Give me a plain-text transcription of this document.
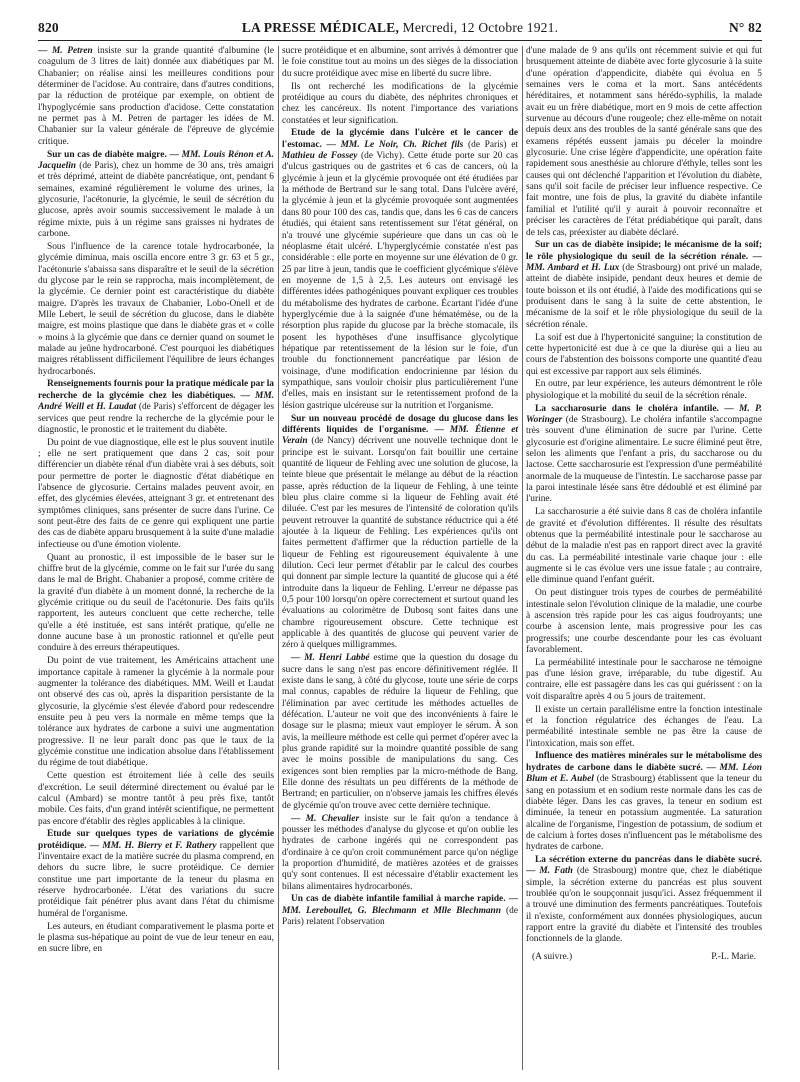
820	LA PRESSE MÉDICALE, Mercredi, 12 Octobre 1921.	N° 82

— M. Petren insiste sur la grande quantité d'albumine (le coagulum de 3 litres de lait) donnée aux diabétiques par M. Chabanier; on réalise ainsi les meilleures conditions pour déterminer de l'acidose. Au contraire, dans d'autres conditions, par la réduction de protéique par exemple, on obtient de l'hypoglycémie sans production d'acidose. Cette constatation ne permet pas à M. Petren de partager les idées de M. Chabanier sur la valeur générale de l'épreuve de glycémie critique.

Sur un cas de diabète maigre. — MM. Louis Rénon et A. Jacquelin (de Paris), chez un homme de 30 ans, très amaigri et très déprimé, atteint de diabète pancréatique, ont, pendant 6 semaines, examiné régulièrement le volume des urines, la glycosurie, l'acétonurie, la glycémie, le seuil de sécrétion du glucose, après avoir soumis successivement le malade à un régime mixte, puis à un régime sans graisses ni hydrates de carbone.

Sous l'influence de la carence totale hydrocarbonée, la glycémie diminua, mais oscilla encore entre 3 gr. 63 et 5 gr., l'acétonurie s'abaissa sans disparaître et le seuil de la sécrétion du glycose par le rein se rapprocha, mais incomplètement, de la glycémie. Ce dernier point est caractéristique du diabète maigre. D'après les travaux de Chabanier, Lobo-Onell et de Mlle Lebert, le seuil de sécrétion du glucose, dans le diabète maigre, est moins plastique que dans le diabète gras et « colle » moins à la glycémie que dans ce dernier quand on soumet le malade au jeûne hydrocarboné. C'est pourquoi les diabétiques maigres rétablissent difficilement l'équilibre de leurs échanges hydrocarbonés.

Renseignements fournis pour la pratique médicale par la recherche de la glycémie chez les diabétiques. — MM. André Weill et H. Laudat (de Paris) s'efforcent de dégager les services que peut rendre la recherche de la glycémie pour le diagnostic, le pronostic et le traitement du diabète.

Du point de vue diagnostique, elle est le plus souvent inutile ; elle ne sert pratiquement que dans 2 cas, soit pour différencier un diabète rénal d'un diabète vrai à ses débuts, soit pour permettre de porter le diagnostic d'état diabétique en l'absence de glycosurie. Certains malades peuvent avoir, en effet, des glycémies élevées, atteignant 3 gr. et entretenant des symptômes cliniques, sans présenter de sucre dans l'urine. Ce sont peut-être des faits de ce genre qui expliquent une partie des cas de diabète apparu brusquement à la suite d'une maladie infectieuse ou d'une émotion violente.

Quant au pronostic, il est impossible de le baser sur le chiffre brut de la glycémie, comme on le fait sur l'urée du sang dans le mal de Bright. Chabanier a proposé, comme critère de la gravité d'un diabète à un moment donné, la recherche de la glycémie critique ou du seuil de l'acétonurie. Des faits qu'ils rapportent, les auteurs concluent que cette recherche, telle qu'elle a été instituée, est sans intérêt pratique, qu'elle ne donne aucune base à un pronostic rationnel et qu'elle peut conduire à des erreurs thérapeutiques.

Du point de vue traitement, les Américains attachent une importance capitale à ramener la glycémie à la normale pour augmenter la tolérance des diabétiques. MM. Weill et Laudat ont observé des cas où, après la disparition persistante de la glycosurie, la glycémie s'est élevée d'abord pour redescendre ensuite peu à peu vers la normale en même temps que la tolérance aux hydrates de carbone a suivi une augmentation progressive. Il ne leur paraît donc pas que le taux de la glycémie constitue une indication absolue dans l'établissement du régime de tout diabétique.

Cette question est étroitement liée à celle des seuils d'excrétion. Le seuil déterminé directement ou évalué par le calcul (Ambard) se montre tantôt à peu près fixe, tantôt mobile. Ces faits, d'un grand intérêt scientifique, ne permettent pas encore d'établir des règles applicables à la clinique.

Etude sur quelques types de variations de glycémie protéidique. — MM. H. Bierry et F. Rathery rappellent que l'inventaire exact de la matière sucrée du plasma comprend, en dehors du sucre libre, le sucre protéidique. Ce dernier constitue une part importante de la teneur du plasma en réserve hydrocarbonée. L'état des variations du sucre protéidique fait pénétrer plus avant dans l'état du chimisme huméral de l'organisme.

Les auteurs, en étudiant comparativement le plasma porte et le plasma sus-hépatique au point de vue de leur teneur en eau, en sucre libre, en

sucre protéidique et en albumine, sont arrivés à démontrer que le foie constitue tout au moins un des sièges de la dissociation du sucre protéidique avec mise en liberté du sucre libre.

Ils ont recherché les modifications de la glycémie protéidique au cours du diabète, des néphrites chroniques et chez les cancéreux. Ils notent l'importance des variations constatées et leur signification.

Etude de la glycémie dans l'ulcère et le cancer de l'estomac. — MM. Le Noir, Ch. Richet fils (de Paris) et Mathieu de Fossey (de Vichy). Cette étude porte sur 20 cas d'ulcus gastriques ou de gastrites et 6 cas de cancers, où la glycémie à jeun et la glycémie provoquée ont été étudiées par la méthode de Bertrand sur le sang total. Dans l'ulcère avéré, la glycémie à jeun et la glycémie provoquée sont augmentées dans 80 pour 100 des cas, tandis que, dans les 6 cas de cancers étudiés, qui étaient sans retentissement sur l'état général, on n'a trouvé une glycémie supérieure que dans un cas où le néoplasme était ulcéré. L'hyperglycémie constatée n'est pas considérable : elle porte en moyenne sur une élévation de 0 gr. 25 par litre à jeun, tandis que le coefficient glycémique s'élève en moyenne de 1,5 à 2,5. Les auteurs ont envisagé les différentes idées pathogéniques pouvant expliquer ces troubles du métabolisme des hydrates de carbone. Écartant l'idée d'une hyperglycémie due à la saignée d'une hématémèse, ou de la résorption plus rapide du glucose par la brèche stomacale, ils posent les hypothèses d'une insuffisance glycolytique hépatique par retentissement de la lésion sur le foie, d'un trouble du fonctionnement pancréatique par lésion de voisinage, d'une modification endocrinienne par lésion du sympathique, sans vouloir choisir plus particulièrement l'une d'elles, mais en insistant sur le retentissement profond de la lésion gastrique ulcéreuse sur la nutrition et l'organisme.

Sur un nouveau procédé de dosage du glucose dans les différents liquides de l'organisme. — MM. Étienne et Verain (de Nancy) décrivent une nouvelle technique dont le principe est le suivant. Lorsqu'on fait bouillir une certaine quantité de liqueur de Fehling avec une solution de glucose, la teinte bleue que présentait le mélange au début de la réaction passe, après réduction de la liqueur de Fehling, à une teinte bleu plus claire comme si la liqueur de Fehling avait été diluée. C'est par les mesures de l'intensité de coloration qu'ils peuvent retrouver la quantité de substance réductrice qui a été ajoutée à la liqueur de Fehling. Les expériences qu'ils ont faites permettent d'affirmer que la réduction partielle de la liqueur de Fehling est rigoureusement équivalente à une dilution. Ceci leur permet d'établir par le calcul des courbes qui donnent par simple lecture la quantité de glucose qui a été introduite dans la liqueur de Fehling. L'erreur ne dépasse pas 0,5 pour 100 lorsqu'on opère correctement et surtout quand les évaluations au colorimètre de Dubosq sont faites dans une chambre rigoureusement obscure. Cette technique est applicable à des quantités de glucose qui peuvent varier de zéro à quelques milligrammes.

— M. Henri Labbé estime que la question du dosage du sucre dans le sang n'est pas encore définitivement réglée. Il existe dans le sang, à côté du glycose, toute une série de corps mal connus, capables de réduire la liqueur de Fehling, que l'élimination par avec certitude les méthodes actuelles de défécation. L'auteur ne voit que des inconvénients à faire le dosage sur le plasma; mieux vaut employer le sérum. À son avis, la meilleure méthode est celle qui permet d'opérer avec la plus grande rapidité sur la moindre quantité possible de sang avec le moins possible de manipulations du sang. Ces exigences sont bien remplies par la micro-méthode de Bang. Elle donne des résultats un peu différents de la méthode de Bertrand; en particulier, on n'observe jamais les chiffres élevés de glycémie qu'on trouve avec cette dernière technique.

— M. Chevalier insiste sur le fait qu'on a tendance à pousser les méthodes d'analyse du glycose et qu'on oublie les hydrates de carbone ingérés qui ne correspondent pas d'ordinaire à ce qu'on croit communément parce qu'on néglige la proportion d'humidité, de matières azotées et de graisses qu'y sont contenues. Il est nécessaire d'établir exactement les bilans alimentaires hydrocarbonés.

Un cas de diabète infantile familial à marche rapide. — MM. Lereboullet, G. Blechmann et Mlle Blechmann (de Paris) relatent l'observation

d'une malade de 9 ans qu'ils ont récemment suivie et qui fut brusquement atteinte de diabète avec forte glycosurie à la suite d'une opération d'appendicite, diabète qui évolua en 5 semaines vers le coma et la mort. Sans antécédents héréditaires, et notamment sans hérédo-syphilis, la malade avait eu un frère diabétique, mort en 9 mois de cette affection survenue au décours d'une rougeole; chez elle-même on notait depuis deux ans des troubles de la santé générale sans que des examens répétés eussent jamais pu déceler la moindre glycosurie. Une crise légère d'appendicite, une opération faite rapidement sous anesthésie au chlorure d'éthyle, telles sont les causes qui ont déclenché l'apparition et l'évolution du diabète, sans qu'il soit facile de préciser leur influence respective. Ce fait montre, une fois de plus, la gravité du diabète infantile familial et l'utilité qu'il y aurait à pouvoir reconnaître et préciser les caractères de l'état prédiabétique qui paraît, dans de tels cas, préexister au diabète déclaré.

Sur un cas de diabète insipide; le mécanisme de la soif; le rôle physiologique du seuil de la sécrétion rénale. — MM. Ambard et H. Lux (de Strasbourg) ont privé un malade, atteint de diabète insipide, pendant deux heures et demie de toute boisson et ils ont étudié, à l'aide des modifications qui se produisent dans le sang à la suite de cette abstention, le mécanisme de la soif et le rôle physiologique du seuil de la sécrétion rénale.

La soif est due à l'hypertonicité sanguine; la constitution de cette hypertonicité est due à ce que la diurèse qui a lieu au cours de l'abstention des boissons comporte une quantité d'eau qui est excessive par rapport aux sels éliminés.

En outre, par leur expérience, les auteurs démontrent le rôle physiologique et la mobilité du seuil de la sécrétion rénale.

La saccharosurie dans le choléra infantile. — M. P. Woringer (de Strasbourg). Le choléra infantile s'accompagne très souvent d'une élimination de sucre par l'urine. Cette glycosurie est d'origine alimentaire. Le sucre éliminé peut être, selon les aliments que l'enfant a pris, du saccharose ou du lactose. Cette saccharosurie est l'expression d'une perméabilité anormale de la muqueuse de l'intestin. Le saccharose passe par la paroi intestinale lésée sans être dédoublé et est éliminé par l'urine.

La saccharosurie a été suivie dans 8 cas de choléra infantile de gravité et d'évolution différentes. Il résulte des résultats obtenus que la perméabilité intestinale pour le saccharose au début de la maladie n'est pas en rapport direct avec la gravité du cas. La perméabilité intestinale varie chaque jour : elle augmente si le cas évolue vers une issue fatale ; au contraire, elle diminue quand l'enfant guérit.

On peut distinguer trois types de courbes de perméabilité intestinale selon l'évolution clinique de la maladie, une courbe à ascension très rapide pour les cas aigus foudroyants; une courbe à ascension lente, mais progressive pour les cas progressifs; une courbe descendante pour les cas évoluant favorablement.

La perméabilité intestinale pour le saccharose ne témoigne pas d'une lésion grave, irréparable, du tube digestif. Au contraire, elle est passagère dans les cas qui guérissent : on la voit disparaître après 4 ou 5 jours de traitement.

Il existe un certain parallélisme entre la fonction intestinale et la fonction régulatrice des échanges de l'eau. La perméabilité intestinale semble ne pas être la cause de l'intoxication, mais son effet.

Influence des matières minérales sur le métabolisme des hydrates de carbone dans le diabète sucré. — MM. Léon Blum et E. Aubel (de Strasbourg) établissent que la teneur du sang en potassium et en sodium reste normale dans les cas de diabète léger. Dans les cas graves, la teneur en sodium est diminuée, la teneur en potassium augmentée. La saturation alcaline de l'organisme, l'ingestion de potassium, de sodium et de calcium à fortes doses n'influencent pas le métabolisme des hydrates de carbone.

La sécrétion externe du pancréas dans le diabète sucré. — M. Fath (de Strasbourg) montre que, chez le diabétique simple, la sécrétion externe du pancréas est plus souvent troublée qu'on le soupçonnait jusqu'ici. Assez fréquemment il a trouvé une diminution des ferments pancréatiques. Toutefois il n'existe, conformément aux données physiologiques, aucun rapport entre la gravité du diabète et l'intensité des troubles fonctionnels de la glande.

(A suivre.)	P.-L. Marie.
